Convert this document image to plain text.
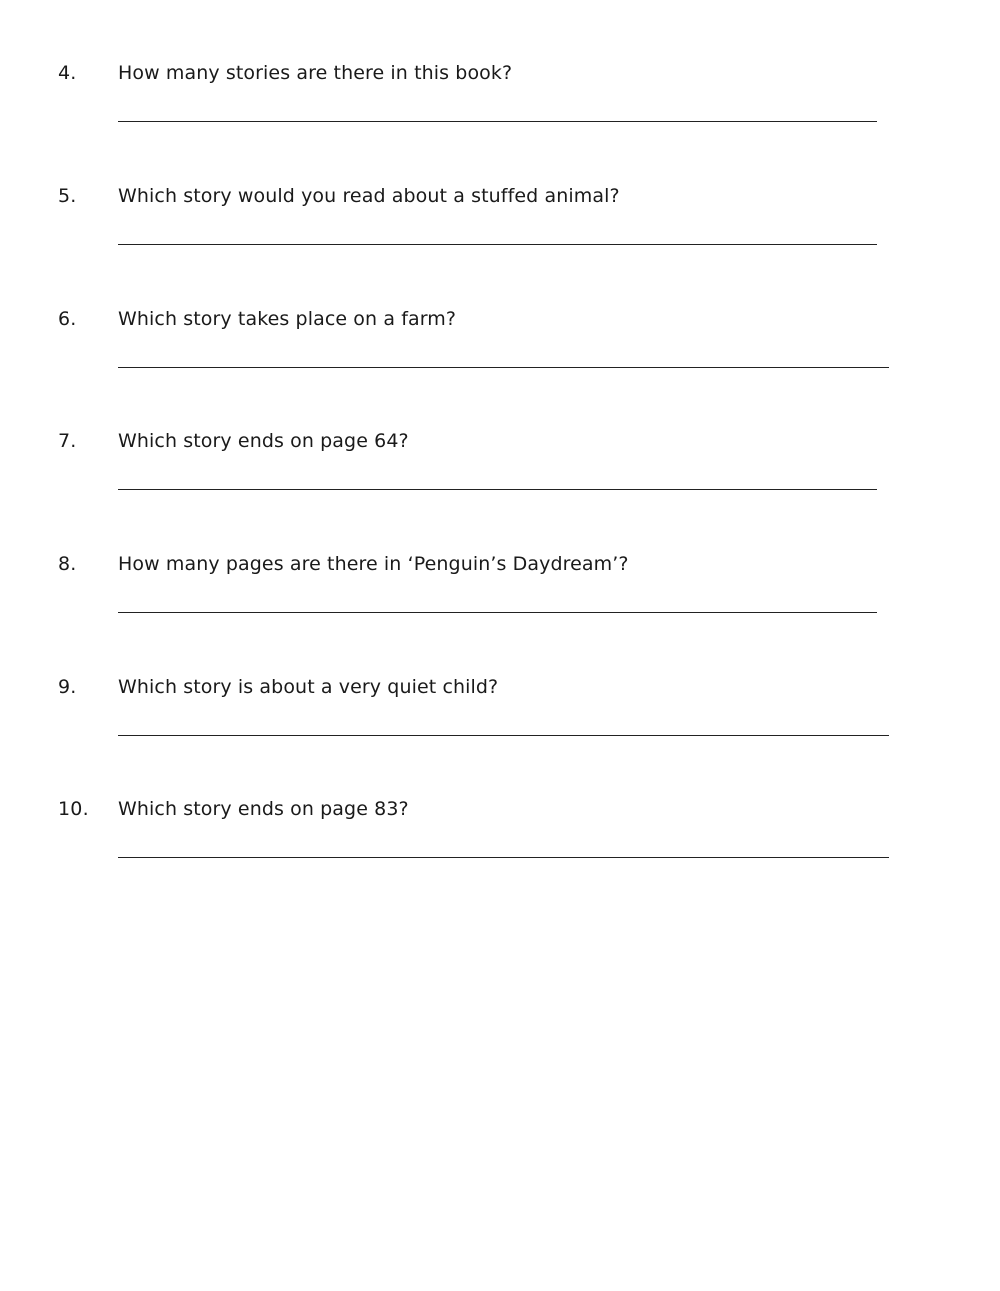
4. How many stories are there in this book?
5. Which story would you read about a stuffed animal?
6. Which story takes place on a farm?
7. Which story ends on page 64?
8. How many pages are there in ‘Penguin’s Daydream’?
9. Which story is about a very quiet child?
10. Which story ends on page 83?
